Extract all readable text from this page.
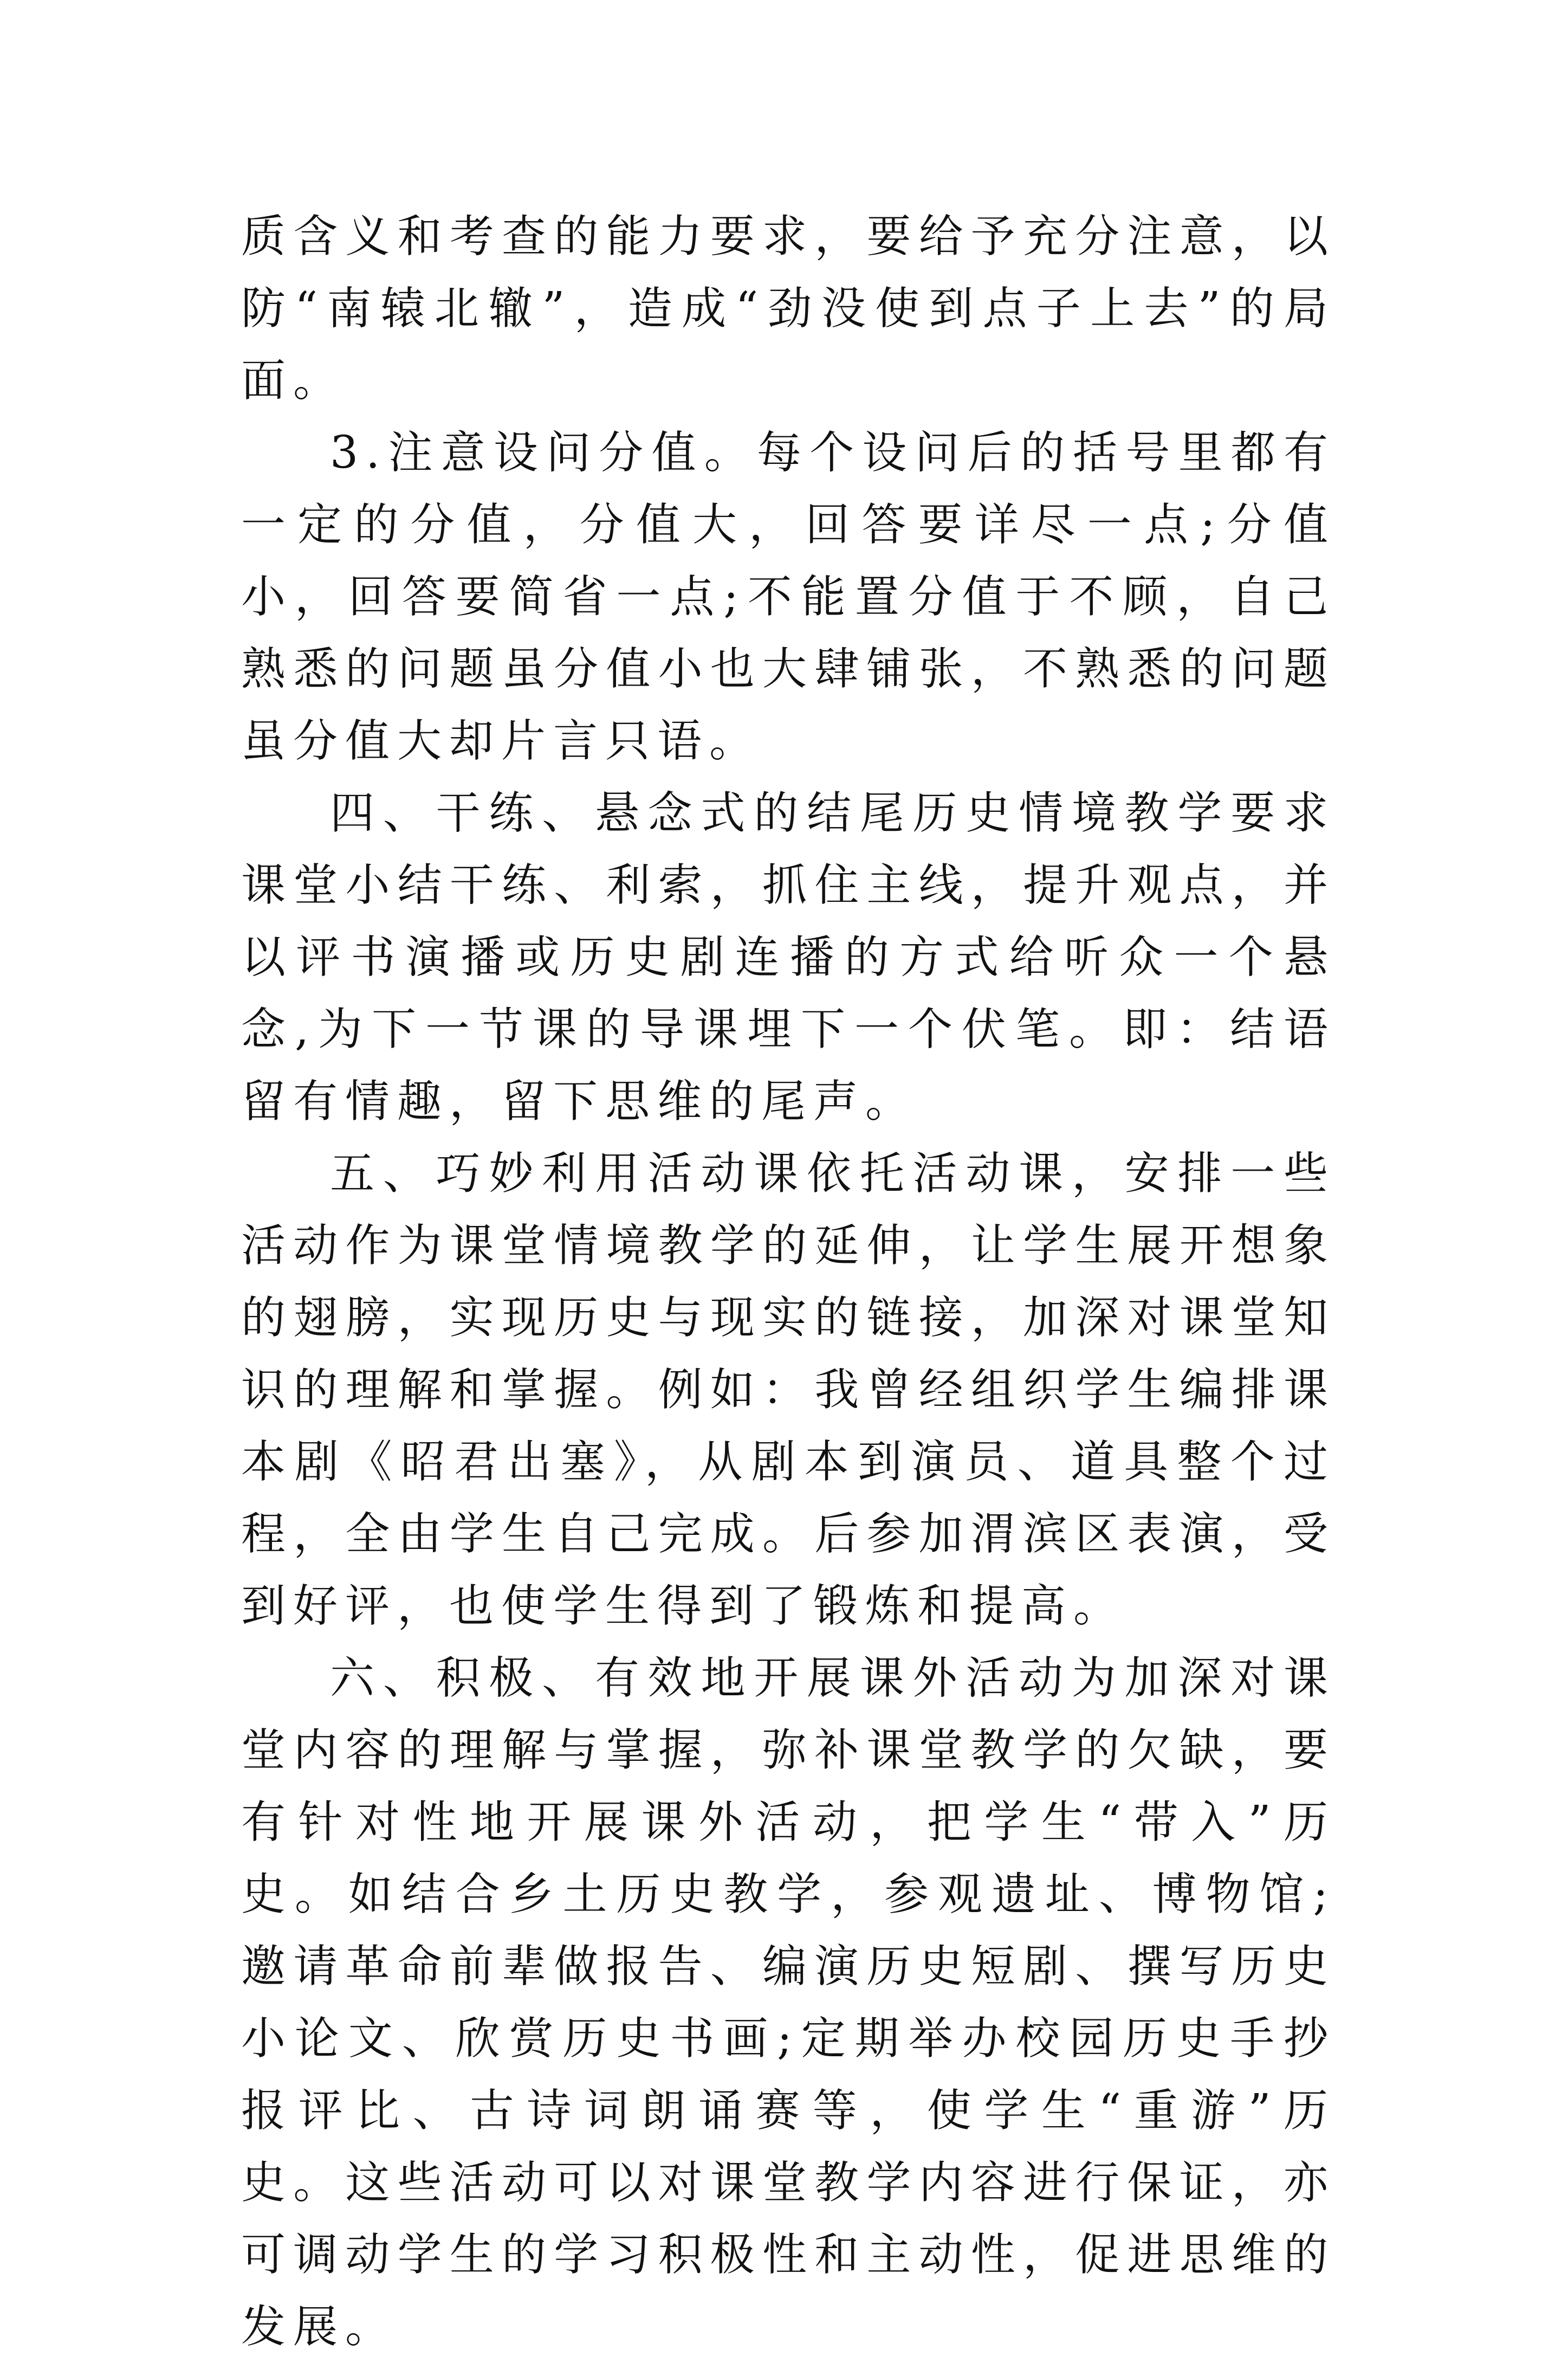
质含义和考查的能力要求，要给予充分注意，以防“南辕北辙”，造成“劲没使到点子上去”的局面。

3.注意设问分值。每个设问后的括号里都有一定的分值，分值大，回答要详尽一点;分值小，回答要简省一点;不能置分值于不顾，自己熟悉的问题虽分值小也大肆铺张，不熟悉的问题虽分值大却片言只语。

四、干练、悬念式的结尾历史情境教学要求课堂小结干练、利索，抓住主线，提升观点，并以评书演播或历史剧连播的方式给听众一个悬念,为下一节课的导课埋下一个伏笔。即：结语留有情趣，留下思维的尾声。

五、巧妙利用活动课依托活动课，安排一些活动作为课堂情境教学的延伸，让学生展开想象的翅膀，实现历史与现实的链接，加深对课堂知识的理解和掌握。例如：我曾经组织学生编排课本剧《昭君出塞》，从剧本到演员、道具整个过程，全由学生自己完成。后参加渭滨区表演，受到好评，也使学生得到了锻炼和提高。

六、积极、有效地开展课外活动为加深对课堂内容的理解与掌握，弥补课堂教学的欠缺，要有针对性地开展课外活动，把学生“带入”历史。如结合乡土历史教学，参观遗址、博物馆;邀请革命前辈做报告、编演历史短剧、撰写历史小论文、欣赏历史书画;定期举办校园历史手抄报评比、古诗词朗诵赛等，使学生“重游”历史。这些活动可以对课堂教学内容进行保证，亦可调动学生的学习积极性和主动性，促进思维的发展。
